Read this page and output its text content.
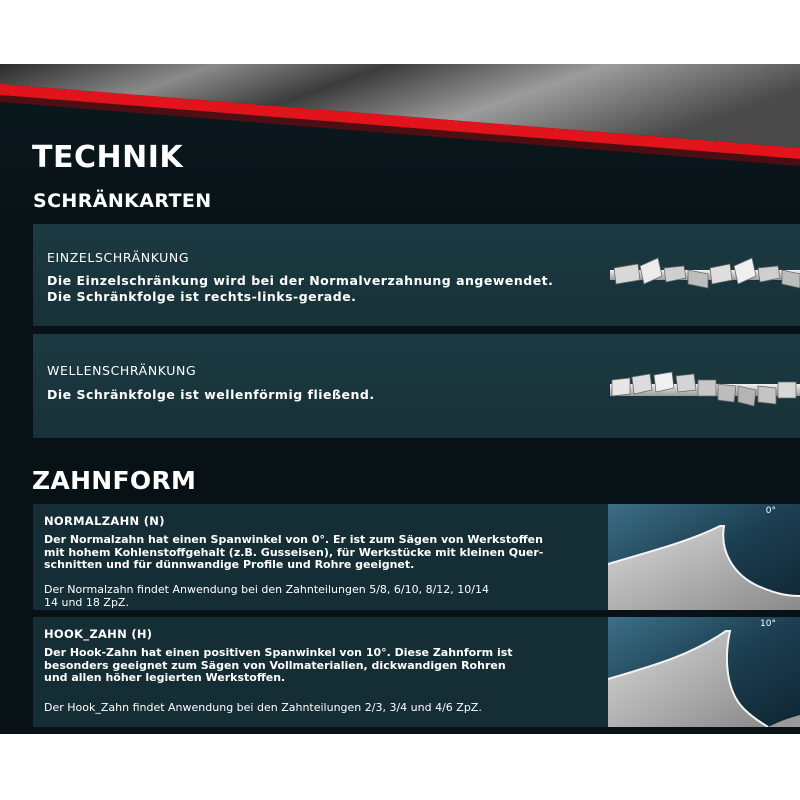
TECHNIK
SCHRÄNKARTEN
EINZELSCHRÄNKUNG
Die Einzelschränkung wird bei der Normalverzahnung angewendet.
Die Schränkfolge ist rechts-links-gerade.
WELLENSCHRÄNKUNG
Die Schränkfolge ist wellenförmig fließend.
ZAHNFORM
NORMALZAHN (N)
Der Normalzahn hat einen Spanwinkel von 0°. Er ist zum Sägen von Werkstoffen
mit hohem Kohlenstoffgehalt (z.B. Gusseisen), für Werkstücke mit kleinen Quer-
schnitten und für dünnwandige Profile und Rohre geeignet.
Der Normalzahn findet Anwendung bei den Zahnteilungen 5/8, 6/10, 8/12, 10/14
14 und 18 ZpZ.
0°
HOOK_ZAHN (H)
Der Hook-Zahn hat einen positiven Spanwinkel von 10°. Diese Zahnform ist
besonders geeignet zum Sägen von Vollmaterialien, dickwandigen Rohren
und allen höher legierten Werkstoffen.
Der Hook_Zahn findet Anwendung bei den Zahnteilungen 2/3, 3/4 und 4/6 ZpZ.
10°
